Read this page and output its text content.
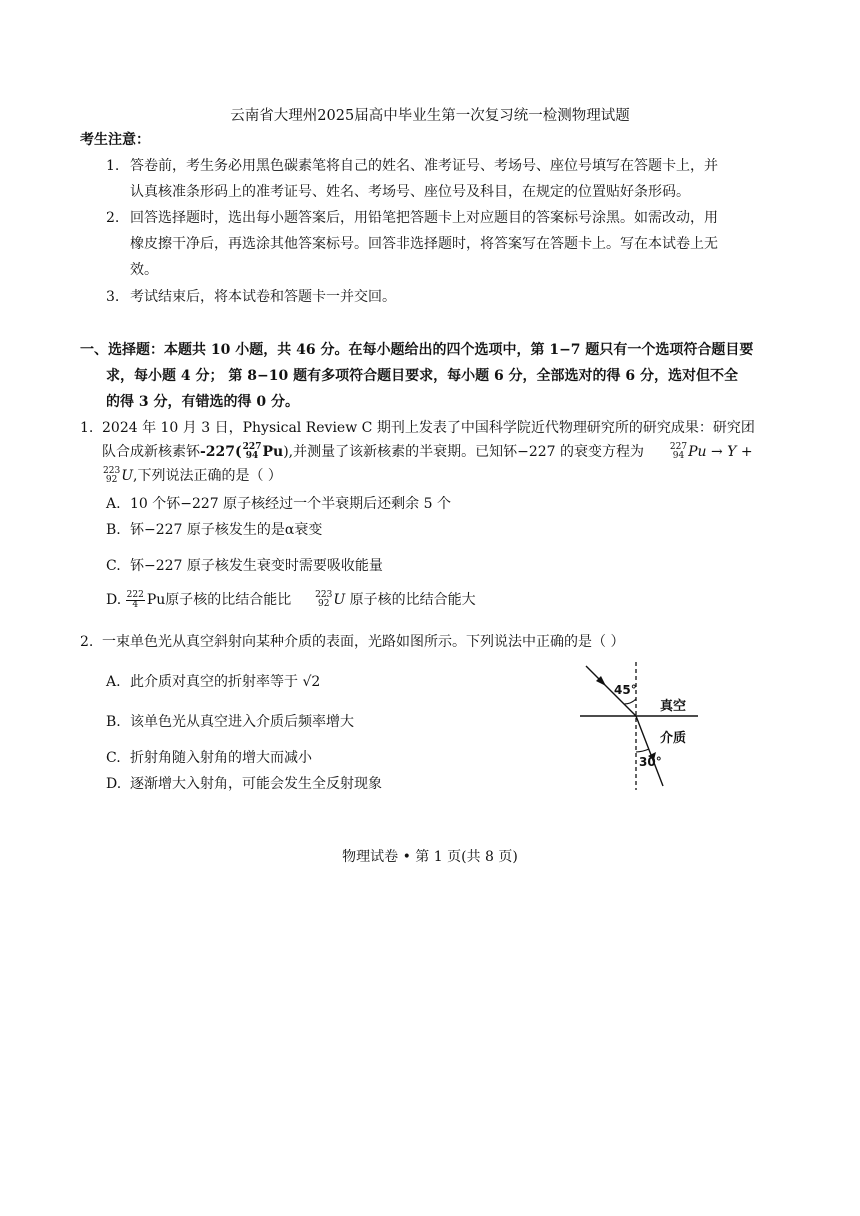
云南省大理州2025届高中毕业生第一次复习统一检测物理试题
考生注意：
1. 答卷前，考生务必用黑色碳素笔将自己的姓名、准考证号、考场号、座位号填写在答题卡上，并
认真核准条形码上的准考证号、姓名、考场号、座位号及科目，在规定的位置贴好条形码。
2. 回答选择题时，选出每小题答案后，用铅笔把答题卡上对应题目的答案标号涂黑。如需改动，用
橡皮擦干净后，再选涂其他答案标号。回答非选择题时，将答案写在答题卡上。写在本试卷上无
效。
3. 考试结束后，将本试卷和答题卡一并交回。
一、选择题：本题共 10 小题，共 46 分。在每小题给出的四个选项中，第 1−7 题只有一个选项符合题目要
求，每小题 4 分； 第 8−10 题有多项符合题目要求，每小题 6 分，全部选对的得 6 分，选对但不全
的得 3 分，有错选的得 0 分。
1. 2024 年 10 月 3 日，Physical Review C 期刊上发表了中国科学院近代物理研究所的研究成果：研究团
队合成新核素钚-227( 227
94 Pu),并测量了该新核素的半衰期。已知钚−227 的衰变方程为	227
94 Pu → Y +
223
92 U,下列说法正确的是（ ）
A. 10 个钚−227 原子核经过一个半衰期后还剩余 5 个
B. 钚−227 原子核发生的是α衰变
C. 钚−227 原子核发生衰变时需要吸收能量
D. $\frac{222}{4}$ Pu原子核的比结合能比	223
92 U 原子核的比结合能大
2. 一束单色光从真空斜射向某种介质的表面，光路如图所示。下列说法中正确的是（ ）
A. 此介质对真空的折射率等于 √2
B. 该单色光从真空进入介质后频率增大
C. 折射角随入射角的增大而减小
D. 逐渐增大入射角，可能会发生全反射现象
45°
30°
真空
介质
物理试卷 • 第 1 页(共 8 页)
